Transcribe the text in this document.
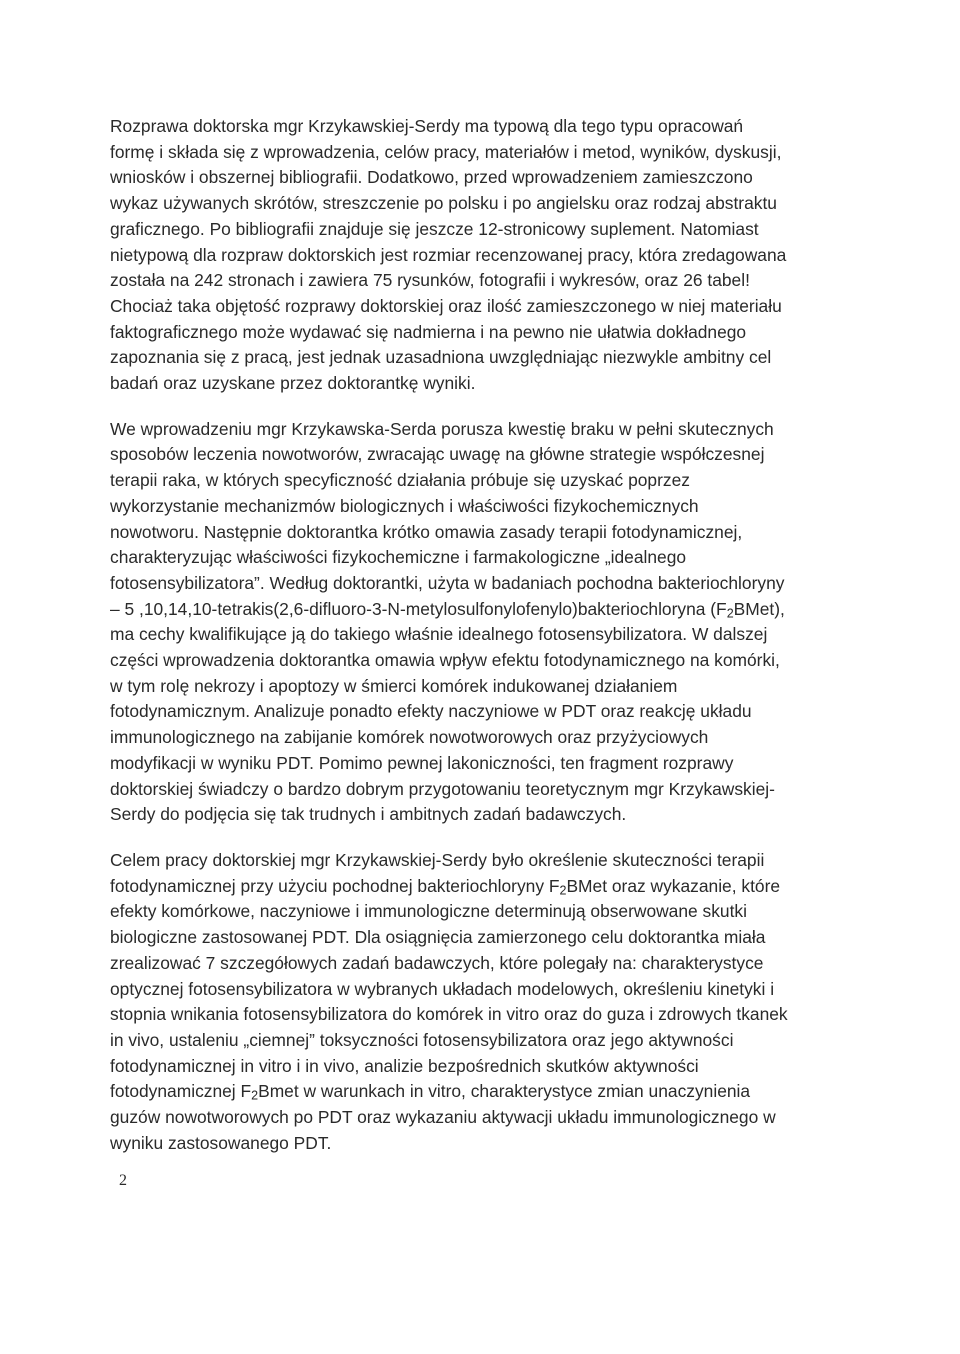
Rozprawa doktorska mgr Krzykawskiej-Serdy ma typową dla tego typu opracowań
formę i składa się z wprowadzenia, celów pracy, materiałów i metod, wyników, dyskusji,
wniosków i obszernej bibliografii. Dodatkowo, przed wprowadzeniem zamieszczono
wykaz używanych skrótów, streszczenie po polsku i po angielsku oraz rodzaj abstraktu
graficznego. Po bibliografii znajduje się jeszcze 12-stronicowy suplement. Natomiast
nietypową dla rozpraw doktorskich jest rozmiar recenzowanej pracy, która zredagowana
została na 242 stronach i zawiera 75 rysunków, fotografii i wykresów, oraz 26 tabel!
Chociaż taka objętość rozprawy doktorskiej oraz ilość zamieszczonego w niej materiału
faktograficznego może wydawać się nadmierna i na pewno nie ułatwia dokładnego
zapoznania się z pracą, jest jednak uzasadniona uwzględniając niezwykle ambitny cel
badań oraz uzyskane przez doktorantkę wyniki.

We wprowadzeniu mgr Krzykawska-Serda porusza kwestię braku w pełni skutecznych
sposobów leczenia nowotworów, zwracając uwagę na główne strategie współczesnej
terapii raka, w których specyficzność działania próbuje się uzyskać poprzez
wykorzystanie mechanizmów biologicznych i właściwości fizykochemicznych
nowotworu. Następnie doktorantka krótko omawia zasady terapii fotodynamicznej,
charakteryzując właściwości fizykochemiczne i farmakologiczne „idealnego
fotosensybilizatora”. Według doktorantki, użyta w badaniach pochodna bakteriochloryny
– 5 ,10,14,10-tetrakis(2,6-difluoro-3-N-metylosulfonylofenylo)bakteriochloryna $(F_2BMet)$,
ma cechy kwalifikujące ją do takiego właśnie idealnego fotosensybilizatora. W dalszej
części wprowadzenia doktorantka omawia wpływ efektu fotodynamicznego na komórki,
w tym rolę nekrozy i apoptozy w śmierci komórek indukowanej działaniem
fotodynamicznym. Analizuje ponadto efekty naczyniowe w PDT oraz reakcję układu
immunologicznego na zabijanie komórek nowotworowych oraz przyżyciowych
modyfikacji w wyniku PDT. Pomimo pewnej lakoniczności, ten fragment rozprawy
doktorskiej świadczy o bardzo dobrym przygotowaniu teoretycznym mgr Krzykawskiej-
Serdy do podjęcia się tak trudnych i ambitnych zadań badawczych.

Celem pracy doktorskiej mgr Krzykawskiej-Serdy było określenie skuteczności terapii
fotodynamicznej przy użyciu pochodnej bakteriochloryny $F_2BMet$ oraz wykazanie, które
efekty komórkowe, naczyniowe i immunologiczne determinują obserwowane skutki
biologiczne zastosowanej PDT. Dla osiągnięcia zamierzonego celu doktorantka miała
zrealizować 7 szczegółowych zadań badawczych, które polegały na: charakterystyce
optycznej fotosensybilizatora w wybranych układach modelowych, określeniu kinetyki i
stopnia wnikania fotosensybilizatora do komórek in vitro oraz do guza i zdrowych tkanek
in vivo, ustaleniu „ciemnej” toksyczności fotosensybilizatora oraz jego aktywności
fotodynamicznej in vitro i in vivo, analizie bezpośrednich skutków aktywności
fotodynamicznej $F_2Bmet$ w warunkach in vitro, charakterystyce zmian unaczynienia
guzów nowotworowych po PDT oraz wykazaniu aktywacji układu immunologicznego w
wyniku zastosowanego PDT.

2
